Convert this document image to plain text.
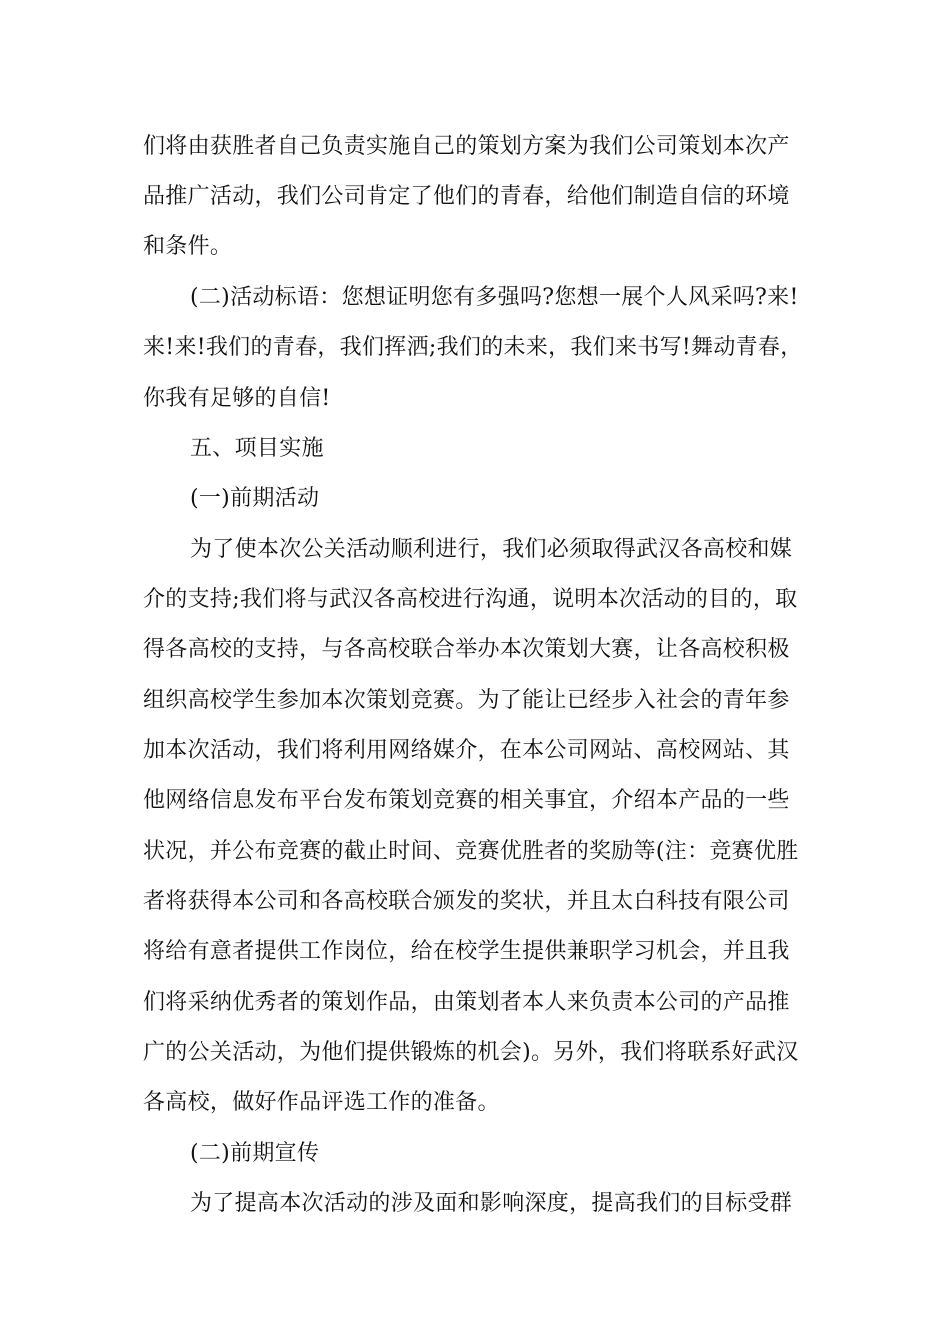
们将由获胜者自己负责实施自己的策划方案为我们公司策划本次产
品推广活动，我们公司肯定了他们的青春，给他们制造自信的环境
和条件。
(二)活动标语：您想证明您有多强吗?您想一展个人风采吗?来!
来!来!我们的青春，我们挥洒;我们的未来，我们来书写!舞动青春，
你我有足够的自信!
五、项目实施
(一)前期活动
为了使本次公关活动顺利进行，我们必须取得武汉各高校和媒
介的支持;我们将与武汉各高校进行沟通，说明本次活动的目的，取
得各高校的支持，与各高校联合举办本次策划大赛，让各高校积极
组织高校学生参加本次策划竞赛。为了能让已经步入社会的青年参
加本次活动，我们将利用网络媒介，在本公司网站、高校网站、其
他网络信息发布平台发布策划竞赛的相关事宜，介绍本产品的一些
状况，并公布竞赛的截止时间、竞赛优胜者的奖励等(注：竞赛优胜
者将获得本公司和各高校联合颁发的奖状，并且太白科技有限公司
将给有意者提供工作岗位，给在校学生提供兼职学习机会，并且我
们将采纳优秀者的策划作品，由策划者本人来负责本公司的产品推
广的公关活动，为他们提供锻炼的机会)。另外，我们将联系好武汉
各高校，做好作品评选工作的准备。
(二)前期宣传
为了提高本次活动的涉及面和影响深度，提高我们的目标受群
